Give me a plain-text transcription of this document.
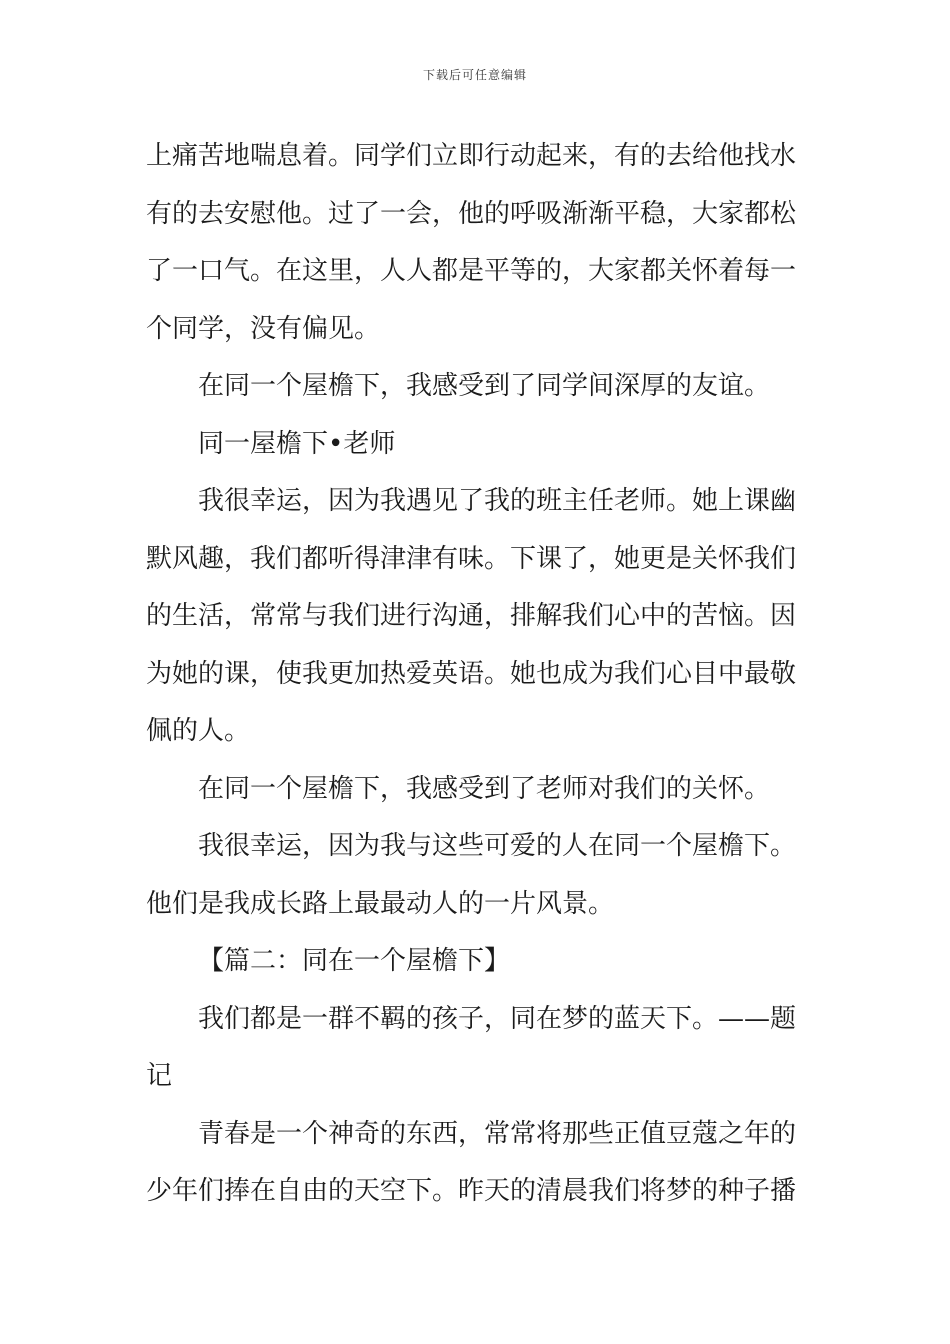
下载后可任意编辑
上痛苦地喘息着。同学们立即行动起来，有的去给他找水
有的去安慰他。过了一会，他的呼吸渐渐平稳，大家都松
了一口气。在这里，人人都是平等的，大家都关怀着每一
个同学，没有偏见。
在同一个屋檐下，我感受到了同学间深厚的友谊。
同一屋檐下•老师
我很幸运，因为我遇见了我的班主任老师。她上课幽
默风趣，我们都听得津津有味。下课了，她更是关怀我们
的生活，常常与我们进行沟通，排解我们心中的苦恼。因
为她的课，使我更加热爱英语。她也成为我们心目中最敬
佩的人。
在同一个屋檐下，我感受到了老师对我们的关怀。
我很幸运，因为我与这些可爱的人在同一个屋檐下。
他们是我成长路上最最动人的一片风景。
【篇二：同在一个屋檐下】
我们都是一群不羁的孩子，同在梦的蓝天下。——题
记
青春是一个神奇的东西，常常将那些正值豆蔻之年的
少年们捧在自由的天空下。昨天的清晨我们将梦的种子播
